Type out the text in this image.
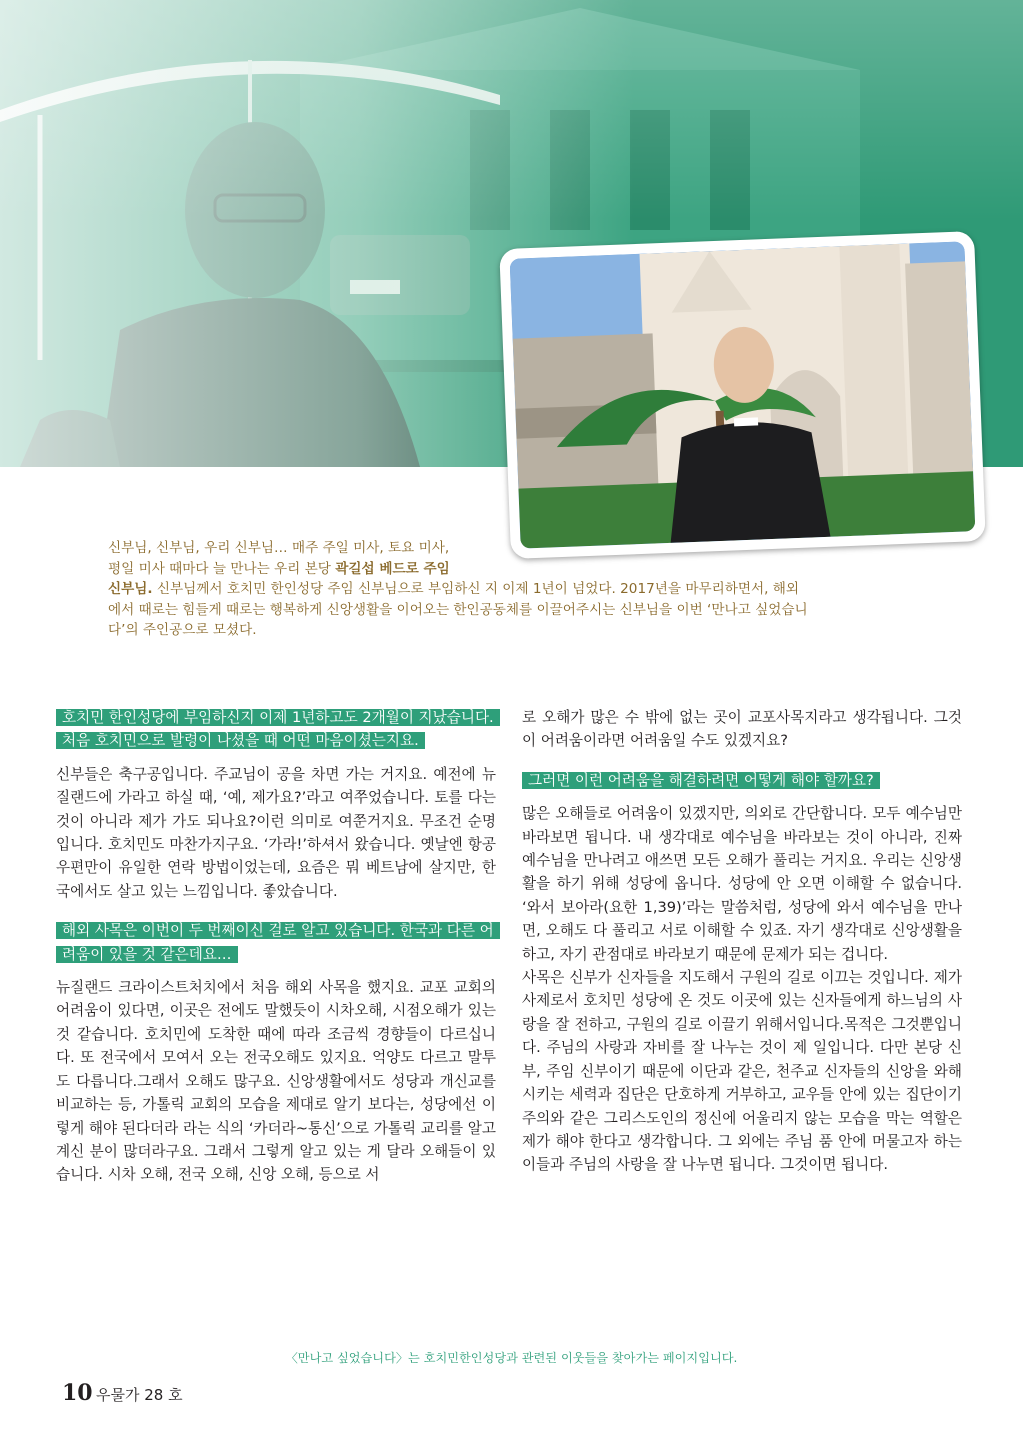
신부님, 신부님, 우리 신부님… 매주 주일 미사, 토요 미사,
평일 미사 때마다 늘 만나는 우리 본당 곽길섭 베드로 주임
신부님. 신부님께서 호치민 한인성당 주임 신부님으로 부임하신 지 이제 1년이 넘었다. 2017년을 마무리하면서, 해외에서 때로는 힘들게 때로는 행복하게 신앙생활을 이어오는 한인공동체를 이끌어주시는 신부님을 이번 ‘만나고 싶었습니다’의 주인공으로 모셨다.
호치민 한인성당에 부임하신지 이제 1년하고도 2개월이 지났습니다. 처음 호치민으로 발령이 나셨을 때 어떤 마음이셨는지요.

신부들은 축구공입니다. 주교님이 공을 차면 가는 거지요. 예전에 뉴질랜드에 가라고 하실 때, ‘예, 제가요?’라고 여쭈었습니다. 토를 다는 것이 아니라 제가 가도 되나요?이런 의미로 여쭌거지요. 무조건 순명입니다. 호치민도 마찬가지구요. ‘가라!’하셔서 왔습니다. 옛날엔 항공우편만이 유일한 연락 방법이었는데, 요즘은 뭐 베트남에 살지만, 한국에서도 살고 있는 느낌입니다. 좋았습니다.

해외 사목은 이번이 두 번째이신 걸로 알고 있습니다. 한국과 다른 어려움이 있을 것 같은데요…

뉴질랜드 크라이스트처치에서 처음 해외 사목을 했지요. 교포 교회의 어려움이 있다면, 이곳은 전에도 말했듯이 시차오해, 시점오해가 있는 것 같습니다. 호치민에 도착한 때에 따라 조금씩 경향들이 다르십니다. 또 전국에서 모여서 오는 전국오해도 있지요. 억양도 다르고 말투도 다릅니다.그래서 오해도 많구요. 신앙생활에서도 성당과 개신교를 비교하는 등, 가톨릭 교회의 모습을 제대로 알기 보다는, 성당에선 이렇게 해야 된다더라 라는 식의 ‘카더라~통신’으로 가톨릭 교리를 알고 계신 분이 많더라구요. 그래서 그렇게 알고 있는 게 달라 오해들이 있습니다. 시차 오해, 전국 오해, 신앙 오해, 등으로 서

로 오해가 많은 수 밖에 없는 곳이 교포사목지라고 생각됩니다. 그것이 어려움이라면 어려움일 수도 있겠지요?

그러면 이런 어려움을 해결하려면 어떻게 해야 할까요?

많은 오해들로 어려움이 있겠지만, 의외로 간단합니다. 모두 예수님만 바라보면 됩니다. 내 생각대로 예수님을 바라보는 것이 아니라, 진짜 예수님을 만나려고 애쓰면 모든 오해가 풀리는 거지요. 우리는 신앙생활을 하기 위해 성당에 옵니다. 성당에 안 오면 이해할 수 없습니다. ‘와서 보아라(요한 1,39)’라는 말씀처럼, 성당에 와서 예수님을 만나면, 오해도 다 풀리고 서로 이해할 수 있죠. 자기 생각대로 신앙생활을 하고, 자기 관점대로 바라보기 때문에 문제가 되는 겁니다.

사목은 신부가 신자들을 지도해서 구원의 길로 이끄는 것입니다. 제가 사제로서 호치민 성당에 온 것도 이곳에 있는 신자들에게 하느님의 사랑을 잘 전하고, 구원의 길로 이끌기 위해서입니다.목적은 그것뿐입니다. 주님의 사랑과 자비를 잘 나누는 것이 제 일입니다. 다만 본당 신부, 주임 신부이기 때문에 이단과 같은, 천주교 신자들의 신앙을 와해시키는 세력과 집단은 단호하게 거부하고, 교우들 안에 있는 집단이기주의와 같은 그리스도인의 정신에 어울리지 않는 모습을 막는 역할은 제가 해야 한다고 생각합니다. 그 외에는 주님 품 안에 머물고자 하는 이들과 주님의 사랑을 잘 나누면 됩니다. 그것이면 됩니다.

〈만나고 싶었습니다〉는 호치민한인성당과 관련된 이웃들을 찾아가는 페이지입니다.
10 우물가 28 호
